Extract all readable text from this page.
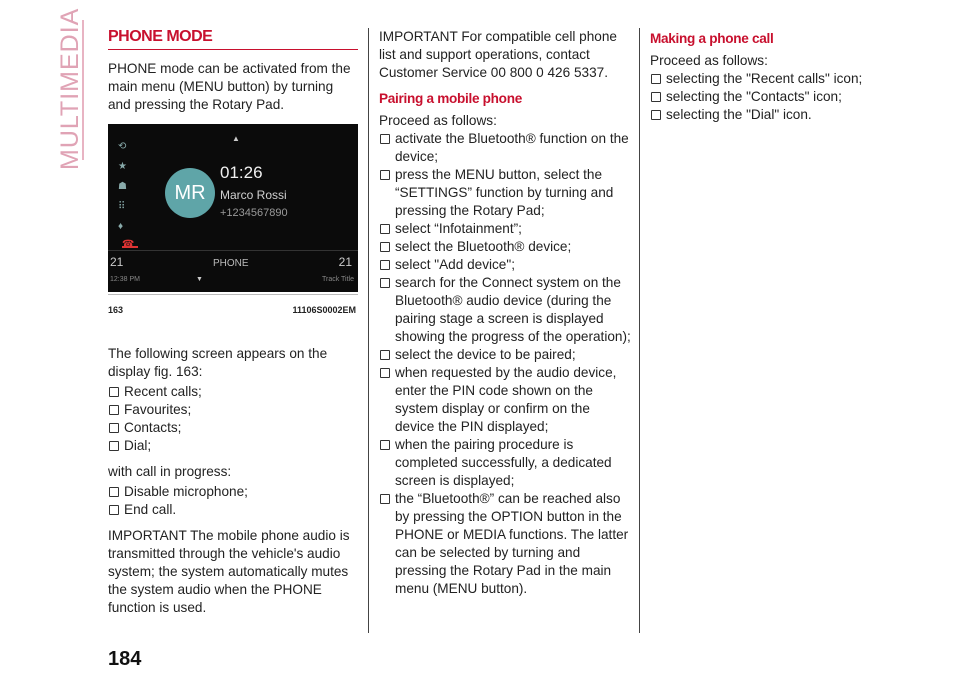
MULTIMEDIA PHONE MODE

PHONE mode can be activated from the main menu (MENU button) by turning and pressing the Rotary Pad.

▲
⟲
★
☗
⠿
♦
☎
MR
01:26
Marco Rossi
+1234567890
21	PHONE	21
12:38 PM	▼	Track Title
163	11106S0002EM

The following screen appears on the display fig. 163:

Recent calls;
Favourites;
Contacts;
Dial;

with call in progress:

Disable microphone;
End call.

IMPORTANT The mobile phone audio is transmitted through the vehicle's audio system; the system automatically mutes the system audio when the PHONE function is used.

IMPORTANT For compatible cell phone list and support operations, contact Customer Service 00 800 0 426 5337.

Pairing a mobile phone

Proceed as follows:

activate the Bluetooth® function on the device;
press the MENU button, select the “SETTINGS” function by turning and pressing the Rotary Pad;
select “Infotainment”;
select the Bluetooth® device;
select "Add device";
search for the Connect system on the Bluetooth® audio device (during the pairing stage a screen is displayed showing the progress of the operation);
select the device to be paired;
when requested by the audio device, enter the PIN code shown on the system display or confirm on the device the PIN displayed;
when the pairing procedure is completed successfully, a dedicated screen is displayed;
the “Bluetooth®” can be reached also by pressing the OPTION button in the PHONE or MEDIA functions. The latter can be selected by turning and pressing the Rotary Pad in the main menu (MENU button).
Making a phone call

Proceed as follows:

selecting the "Recent calls" icon;
selecting the "Contacts" icon;
selecting the "Dial" icon.
184
